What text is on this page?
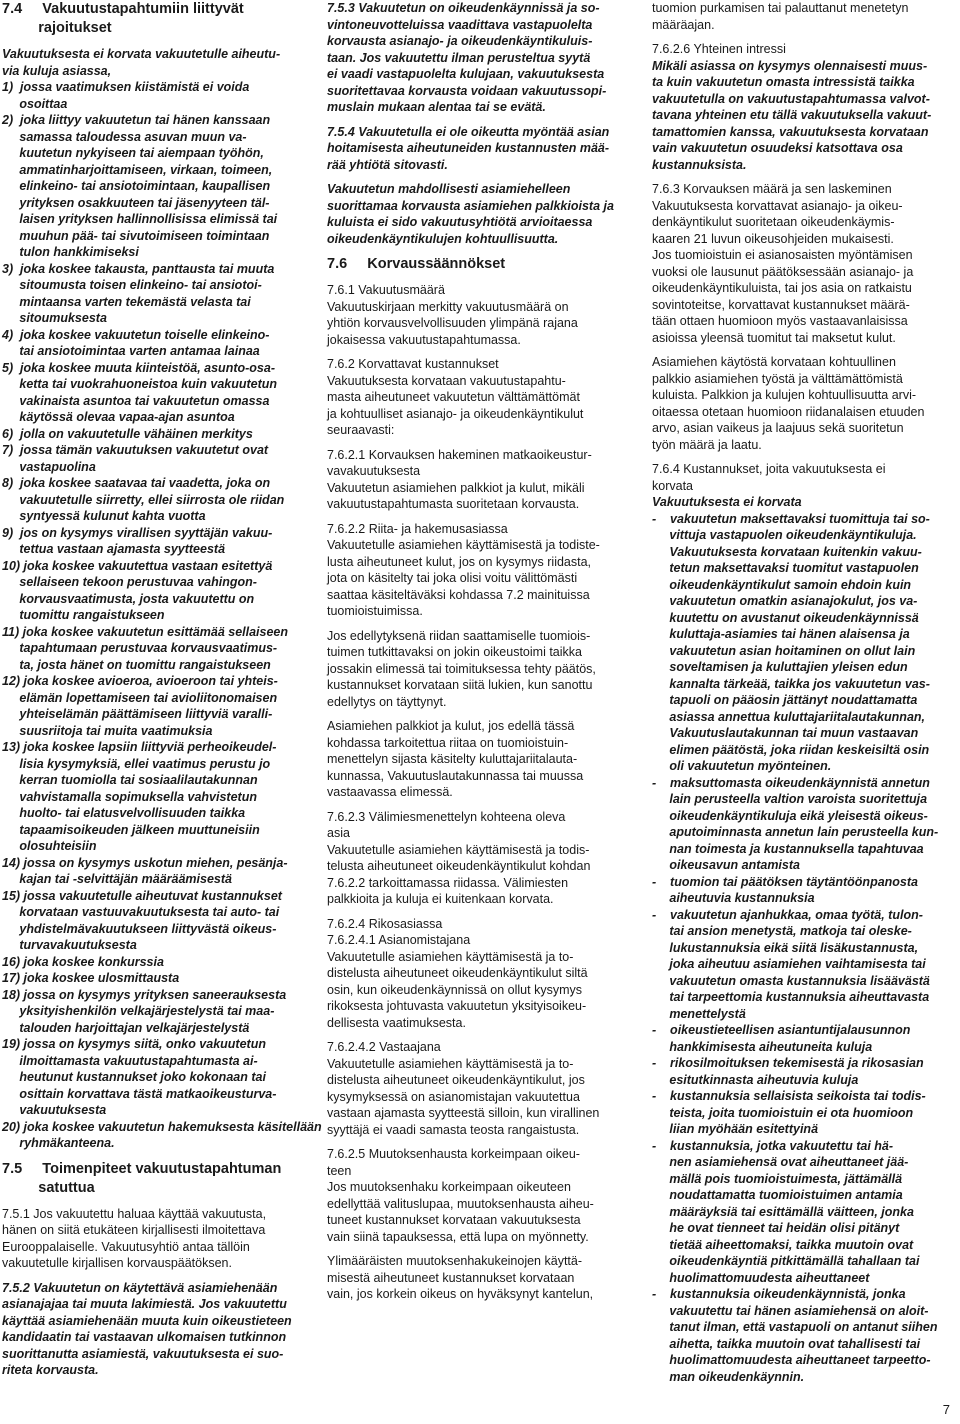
7.4     Vakuutustapahtumiin liittyvät
rajoitukset
Vakuutuksesta ei korvata vakuutetulle aiheutu-
via kuluja asiassa,
1)  jossa vaatimuksen kiistämistä ei voida
osoittaa
2)  joka liittyy vakuutetun tai hänen kanssaan
samassa taloudessa asuvan muun va-
kuutetun nykyiseen tai aiempaan työhön,
ammatinharjoittamiseen, virkaan, toimeen,
elinkeino- tai ansiotoimintaan, kaupallisen
yrityksen osakkuuteen tai jäsenyyteen täl-
laisen yrityksen hallinnollisissa elimissä tai
muuhun pää- tai sivutoimiseen toimintaan
tulon hankkimiseksi
3)  joka koskee takausta, panttausta tai muuta
sitoumusta toisen elinkeino- tai ansiotoi-
mintaansa varten tekemästä velasta tai
sitoumuksesta
4)  joka koskee vakuutetun toiselle elinkeino-
tai ansiotoimintaa varten antamaa lainaa
5)  joka koskee muuta kiinteistöä, asunto-osa-
ketta tai vuokrahuoneistoa kuin vakuutetun
vakinaista asuntoa tai vakuutetun omassa
käytössä olevaa vapaa-ajan asuntoa
6)  jolla on vakuutetulle vähäinen merkitys
7)  jossa tämän vakuutuksen vakuutetut ovat
vastapuolina
8)  joka koskee saatavaa tai vaadetta, joka on
vakuutetulle siirretty, ellei siirrosta ole riidan
syntyessä kulunut kahta vuotta
9)  jos on kysymys virallisen syyttäjän vakuu-
tettua vastaan ajamasta syytteestä
10) joka koskee vakuutettua vastaan esitettyä
sellaiseen tekoon perustuvaa vahingon-
korvausvaatimusta, josta vakuutettu on
tuomittu rangaistukseen
11) joka koskee vakuutetun esittämää sellaiseen
tapahtumaan perustuvaa korvausvaatimus-
ta, josta hänet on tuomittu rangaistukseen
12) joka koskee avioeroa, avioeroon tai yhteis-
elämän lopettamiseen tai avioliitonomaisen
yhteiselämän päättämiseen liittyviä varalli-
suusriitoja tai muita vaatimuksia
13) joka koskee lapsiin liittyviä perheoikeudel-
lisia kysymyksiä, ellei vaatimus perustu jo
kerran tuomiolla tai sosiaalilautakunnan
vahvistamalla sopimuksella vahvistetun
huolto- tai elatusvelvollisuuden taikka
tapaamisoikeuden jälkeen muuttuneisiin
olosuhteisiin
14) jossa on kysymys uskotun miehen, pesänja-
kajan tai -selvittäjän määräämisestä
15) jossa vakuutetulle aiheutuvat kustannukset
korvataan vastuuvakuutuksesta tai auto- tai
yhdistelmävakuutukseen liittyvästä oikeus-
turvavakuutuksesta
16) joka koskee konkurssia
17) joka koskee ulosmittausta
18) jossa on kysymys yrityksen saneerauksesta
yksityishenkilön velkajärjestelystä tai maa-
talouden harjoittajan velkajärjestelystä
19) jossa on kysymys siitä, onko vakuutetun
ilmoittamasta vakuutustapahtumasta ai-
heutunut kustannukset joko kokonaan tai
osittain korvattava tästä matkaoikeusturva-
vakuutuksesta
20) joka koskee vakuutetun hakemuksesta käsitellään
ryhmäkanteena.
7.5     Toimenpiteet vakuutustapahtuman
satuttua
7.5.1 Jos vakuutettu haluaa käyttää vakuutusta,
hänen on siitä etukäteen kirjallisesti ilmoitettava
Eurooppalaiselle. Vakuutusyhtiö antaa tällöin
vakuutetulle kirjallisen korvauspäätöksen.
7.5.2 Vakuutetun on käytettävä asiamiehenään
asianajajaa tai muuta lakimiestä. Jos vakuutettu
käyttää asiamiehenään muuta kuin oikeustieteen
kandidaatin tai vastaavan ulkomaisen tutkinnon
suorittanutta asiamiestä, vakuutuksesta ei suo-
riteta korvausta.
7.5.3 Vakuutetun on oikeudenkäynnissä ja so-
vintoneuvotteluissa vaadittava vastapuolelta
korvausta asianajo- ja oikeudenkäyntikuluis-
taan. Jos vakuutettu ilman perusteltua syytä
ei vaadi vastapuolelta kulujaan, vakuutuksesta
suoritettavaa korvausta voidaan vakuutussopi-
muslain mukaan alentaa tai se evätä.
7.5.4 Vakuutetulla ei ole oikeutta myöntää asian
hoitamisesta aiheutuneiden kustannusten mää-
rää yhtiötä sitovasti.
Vakuutetun mahdollisesti asiamiehelleen
suorittamaa korvausta asiamiehen palkkioista ja
kuluista ei sido vakuutusyhtiötä arvioitaessa
oikeudenkäyntikulujen kohtuullisuutta.
7.6     Korvaussäännökset
7.6.1 Vakuutusmäärä
Vakuutuskirjaan merkitty vakuutusmäärä on
yhtiön korvausvelvollisuuden ylimpänä rajana
jokaisessa vakuutustapahtumassa.
7.6.2 Korvattavat kustannukset
Vakuutuksesta korvataan vakuutustapahtu-
masta aiheutuneet vakuutetun välttämättömät
ja kohtuulliset asianajo- ja oikeudenkäyntikulut
seuraavasti:
7.6.2.1 Korvauksen hakeminen matkaoikeustur-
vavakuutuksesta
Vakuutetun asiamiehen palkkiot ja kulut, mikäli
vakuutustapahtumasta suoritetaan korvausta.
7.6.2.2 Riita- ja hakemusasiassa
Vakuutetulle asiamiehen käyttämisestä ja todiste-
lusta aiheutuneet kulut, jos on kysymys riidasta,
jota on käsitelty tai joka olisi voitu välittömästi
saattaa käsiteltäväksi kohdassa 7.2 mainituissa
tuomioistuimissa.
Jos edellytyksenä riidan saattamiselle tuomiois-
tuimen tutkittavaksi on jokin oikeustoimi taikka
jossakin elimessä tai toimituksessa tehty päätös,
kustannukset korvataan siitä lukien, kun sanottu
edellytys on täyttynyt.
Asiamiehen palkkiot ja kulut, jos edellä tässä
kohdassa tarkoitettua riitaa on tuomioistuin-
menettelyn sijasta käsitelty kuluttajariitalauta-
kunnassa, Vakuutuslautakunnassa tai muussa
vastaavassa elimessä.
7.6.2.3 Välimiesmenettelyn kohteena oleva
asia
Vakuutetulle asiamiehen käyttämisestä ja todis-
telusta aiheutuneet oikeudenkäyntikulut kohdan
7.6.2.2 tarkoittamassa riidassa. Välimiesten
palkkioita ja kuluja ei kuitenkaan korvata.
7.6.2.4 Rikosasiassa
7.6.2.4.1 Asianomistajana
Vakuutetulle asiamiehen käyttämisestä ja to-
distelusta aiheutuneet oikeudenkäyntikulut siltä
osin, kun oikeudenkäynnissä on ollut kysymys
rikoksesta johtuvasta vakuutetun yksityisoikeu-
dellisesta vaatimuksesta.
7.6.2.4.2 Vastaajana
Vakuutetulle asiamiehen käyttämisestä ja to-
distelusta aiheutuneet oikeudenkäyntikulut, jos
kysymyksessä on asianomistajan vakuutettua
vastaan ajamasta syytteestä silloin, kun virallinen
syyttäjä ei vaadi samasta teosta rangaistusta.
7.6.2.5 Muutoksenhausta korkeimpaan oikeu-
teen
Jos muutoksenhaku korkeimpaan oikeuteen
edellyttää valituslupaa, muutoksenhausta aiheu-
tuneet kustannukset korvataan vakuutuksesta
vain siinä tapauksessa, että lupa on myönnetty.
Ylimääräisten muutoksenhakukeinojen käyttä-
misestä aiheutuneet kustannukset korvataan
vain, jos korkein oikeus on hyväksynyt kantelun,
tuomion purkamisen tai palauttanut menetetyn
määräajan.
7.6.2.6 Yhteinen intressi
Mikäli asiassa on kysymys olennaisesti muus-
ta kuin vakuutetun omasta intressistä taikka
vakuutetulla on vakuutustapahtumassa valvot-
tavana yhteinen etu tällä vakuutuksella vakuut-
tamattomien kanssa, vakuutuksesta korvataan
vain vakuutetun osuudeksi katsottava osa
kustannuksista.
7.6.3 Korvauksen määrä ja sen laskeminen
Vakuutuksesta korvattavat asianajo- ja oikeu-
denkäyntikulut suoritetaan oikeudenkäymis-
kaaren 21 luvun oikeusohjeiden mukaisesti.
Jos tuomioistuin ei asianosaisten myöntämisen
vuoksi ole lausunut päätöksessään asianajo- ja
oikeudenkäyntikuluista, tai jos asia on ratkaistu
sovintoteitse, korvattavat kustannukset määrä-
tään ottaen huomioon myös vastaavanlaisissa
asioissa yleensä tuomitut tai maksetut kulut.
Asiamiehen käytöstä korvataan kohtuullinen
palkkio asiamiehen työstä ja välttämättömistä
kuluista. Palkkion ja kulujen kohtuullisuutta arvi-
oitaessa otetaan huomioon riidanalaisen etuuden
arvo, asian vaikeus ja laajuus sekä suoritetun
työn määrä ja laatu.
7.6.4 Kustannukset, joita vakuutuksesta ei
korvata
Vakuutuksesta ei korvata
-    vakuutetun maksettavaksi tuomittuja tai so-
vittuja vastapuolen oikeudenkäyntikuluja.
Vakuutuksesta korvataan kuitenkin vakuu-
tetun maksettavaksi tuomitut vastapuolen
oikeudenkäyntikulut samoin ehdoin kuin
vakuutetun omatkin asianajokulut, jos va-
kuutettu on avustanut oikeudenkäynnissä
kuluttaja-asiamies tai hänen alaisensa ja
vakuutetun asian hoitaminen on ollut lain
soveltamisen ja kuluttajien yleisen edun
kannalta tärkeää, taikka jos vakuutetun vas-
tapuoli on pääosin jättänyt noudattamatta
asiassa annettua kuluttajariitalautakunnan,
Vakuutuslautakunnan tai muun vastaavan
elimen päätöstä, joka riidan keskeisiltä osin
oli vakuutetun myönteinen.
-    maksuttomasta oikeudenkäynnistä annetun
lain perusteella valtion varoista suoritettuja
oikeudenkäyntikuluja eikä yleisestä oikeus-
aputoiminnasta annetun lain perusteella kun-
nan toimesta ja kustannuksella tapahtuvaa
oikeusavun antamista
-    tuomion tai päätöksen täytäntöönpanosta
aiheutuvia kustannuksia
-    vakuutetun ajanhukkaa, omaa työtä, tulon-
tai ansion menetystä, matkoja tai oleske-
lukustannuksia eikä siitä lisäkustannusta,
joka aiheutuu asiamiehen vaihtamisesta tai
vakuutetun omasta kustannuksia lisäävästä
tai tarpeettomia kustannuksia aiheuttavasta
menettelystä
-    oikeustieteellisen asiantuntijalausunnon
hankkimisesta aiheutuneita kuluja
-    rikosilmoituksen tekemisestä ja rikosasian
esitutkinnasta aiheutuvia kuluja
-    kustannuksia sellaisista seikoista tai todis-
teista, joita tuomioistuin ei ota huomioon
liian myöhään esitettyinä
-    kustannuksia, jotka vakuutettu tai hä-
nen asiamiehensä ovat aiheuttaneet jää-
mällä pois tuomioistuimesta, jättämällä
noudattamatta tuomioistuimen antamia
määräyksiä tai esittämällä väitteen, jonka
he ovat tienneet tai heidän olisi pitänyt
tietää aiheettomaksi, taikka muutoin ovat
oikeudenkäyntiä pitkittämällä tahallaan tai
huolimattomuudesta aiheuttaneet
-    kustannuksia oikeudenkäynnistä, jonka
vakuutettu tai hänen asiamiehensä on aloit-
tanut ilman, että vastapuoli on antanut siihen
aihetta, taikka muutoin ovat tahallisesti tai
huolimattomuudesta aiheuttaneet tarpeetto-
man oikeudenkäynnin.
7
